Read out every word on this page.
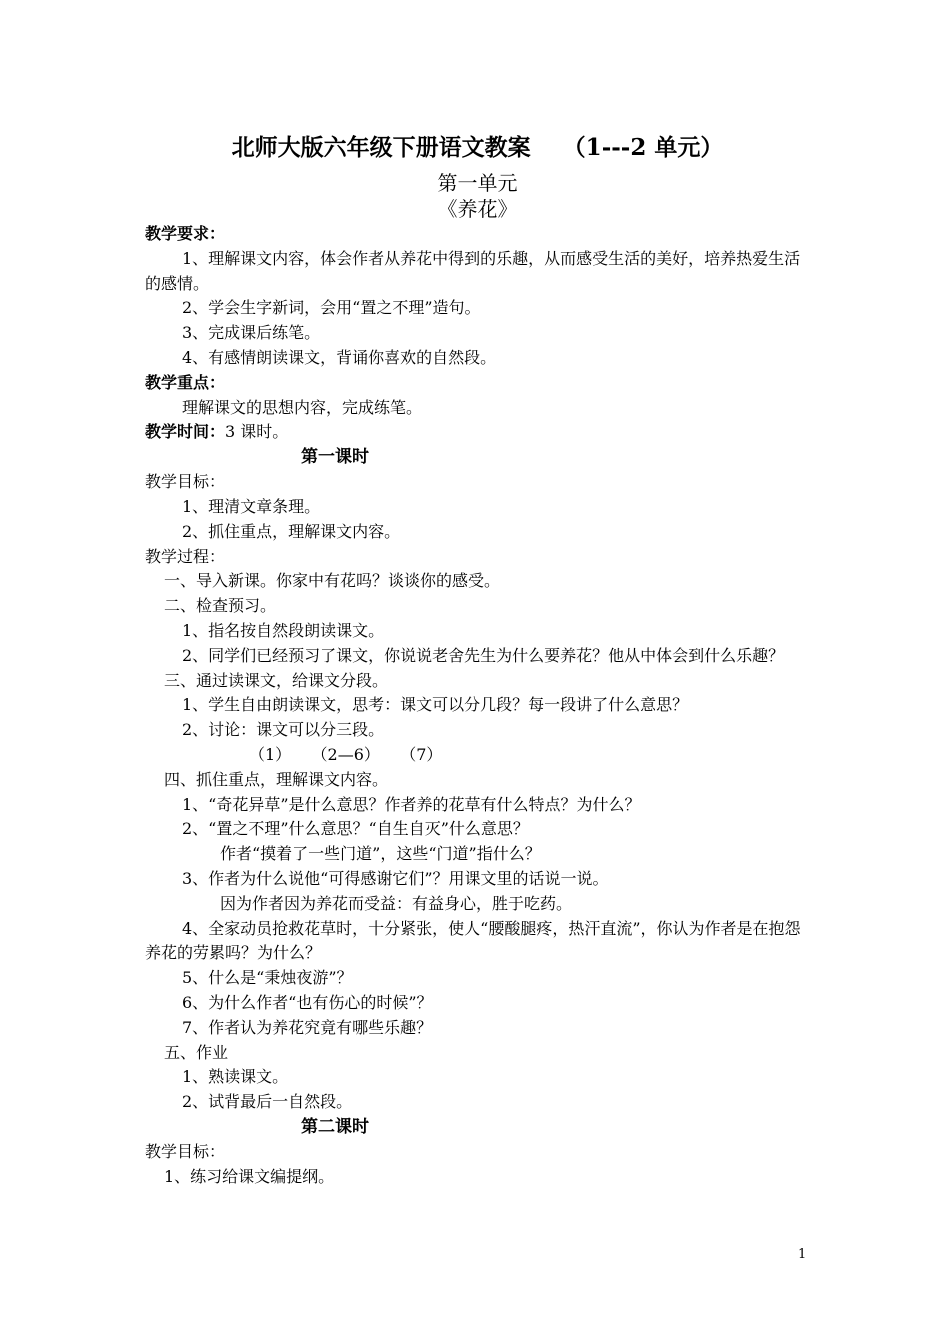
北师大版六年级下册语文教案    （1---2 单元）
第一单元
《养花》
教学要求：
1、理解课文内容，体会作者从养花中得到的乐趣，从而感受生活的美好，培养热爱生活的感情。
2、学会生字新词，会用“置之不理”造句。
3、完成课后练笔。
4、有感情朗读课文，背诵你喜欢的自然段。
教学重点：
理解课文的思想内容，完成练笔。
教学时间：3 课时。
第一课时
教学目标：
1、理清文章条理。
2、抓住重点，理解课文内容。
教学过程：
一、导入新课。你家中有花吗？谈谈你的感受。
二、检查预习。
1、指名按自然段朗读课文。
2、同学们已经预习了课文，你说说老舍先生为什么要养花？他从中体会到什么乐趣？
三、通过读课文，给课文分段。
1、学生自由朗读课文，思考：课文可以分几段？每一段讲了什么意思？
2、讨论：课文可以分三段。
（1）    （2—6）    （7）
四、抓住重点，理解课文内容。
1、“奇花异草”是什么意思？作者养的花草有什么特点？为什么？
2、“置之不理”什么意思？“自生自灭”什么意思？
作者“摸着了一些门道”，这些“门道”指什么？
3、作者为什么说他“可得感谢它们”？用课文里的话说一说。
因为作者因为养花而受益：有益身心，胜于吃药。
4、全家动员抢救花草时，十分紧张，使人“腰酸腿疼，热汗直流”，你认为作者是在抱怨养花的劳累吗？为什么？
5、什么是“秉烛夜游”？
6、为什么作者“也有伤心的时候”？
7、作者认为养花究竟有哪些乐趣？
五、作业
1、熟读课文。
2、试背最后一自然段。
第二课时
教学目标：
1、练习给课文编提纲。
1
